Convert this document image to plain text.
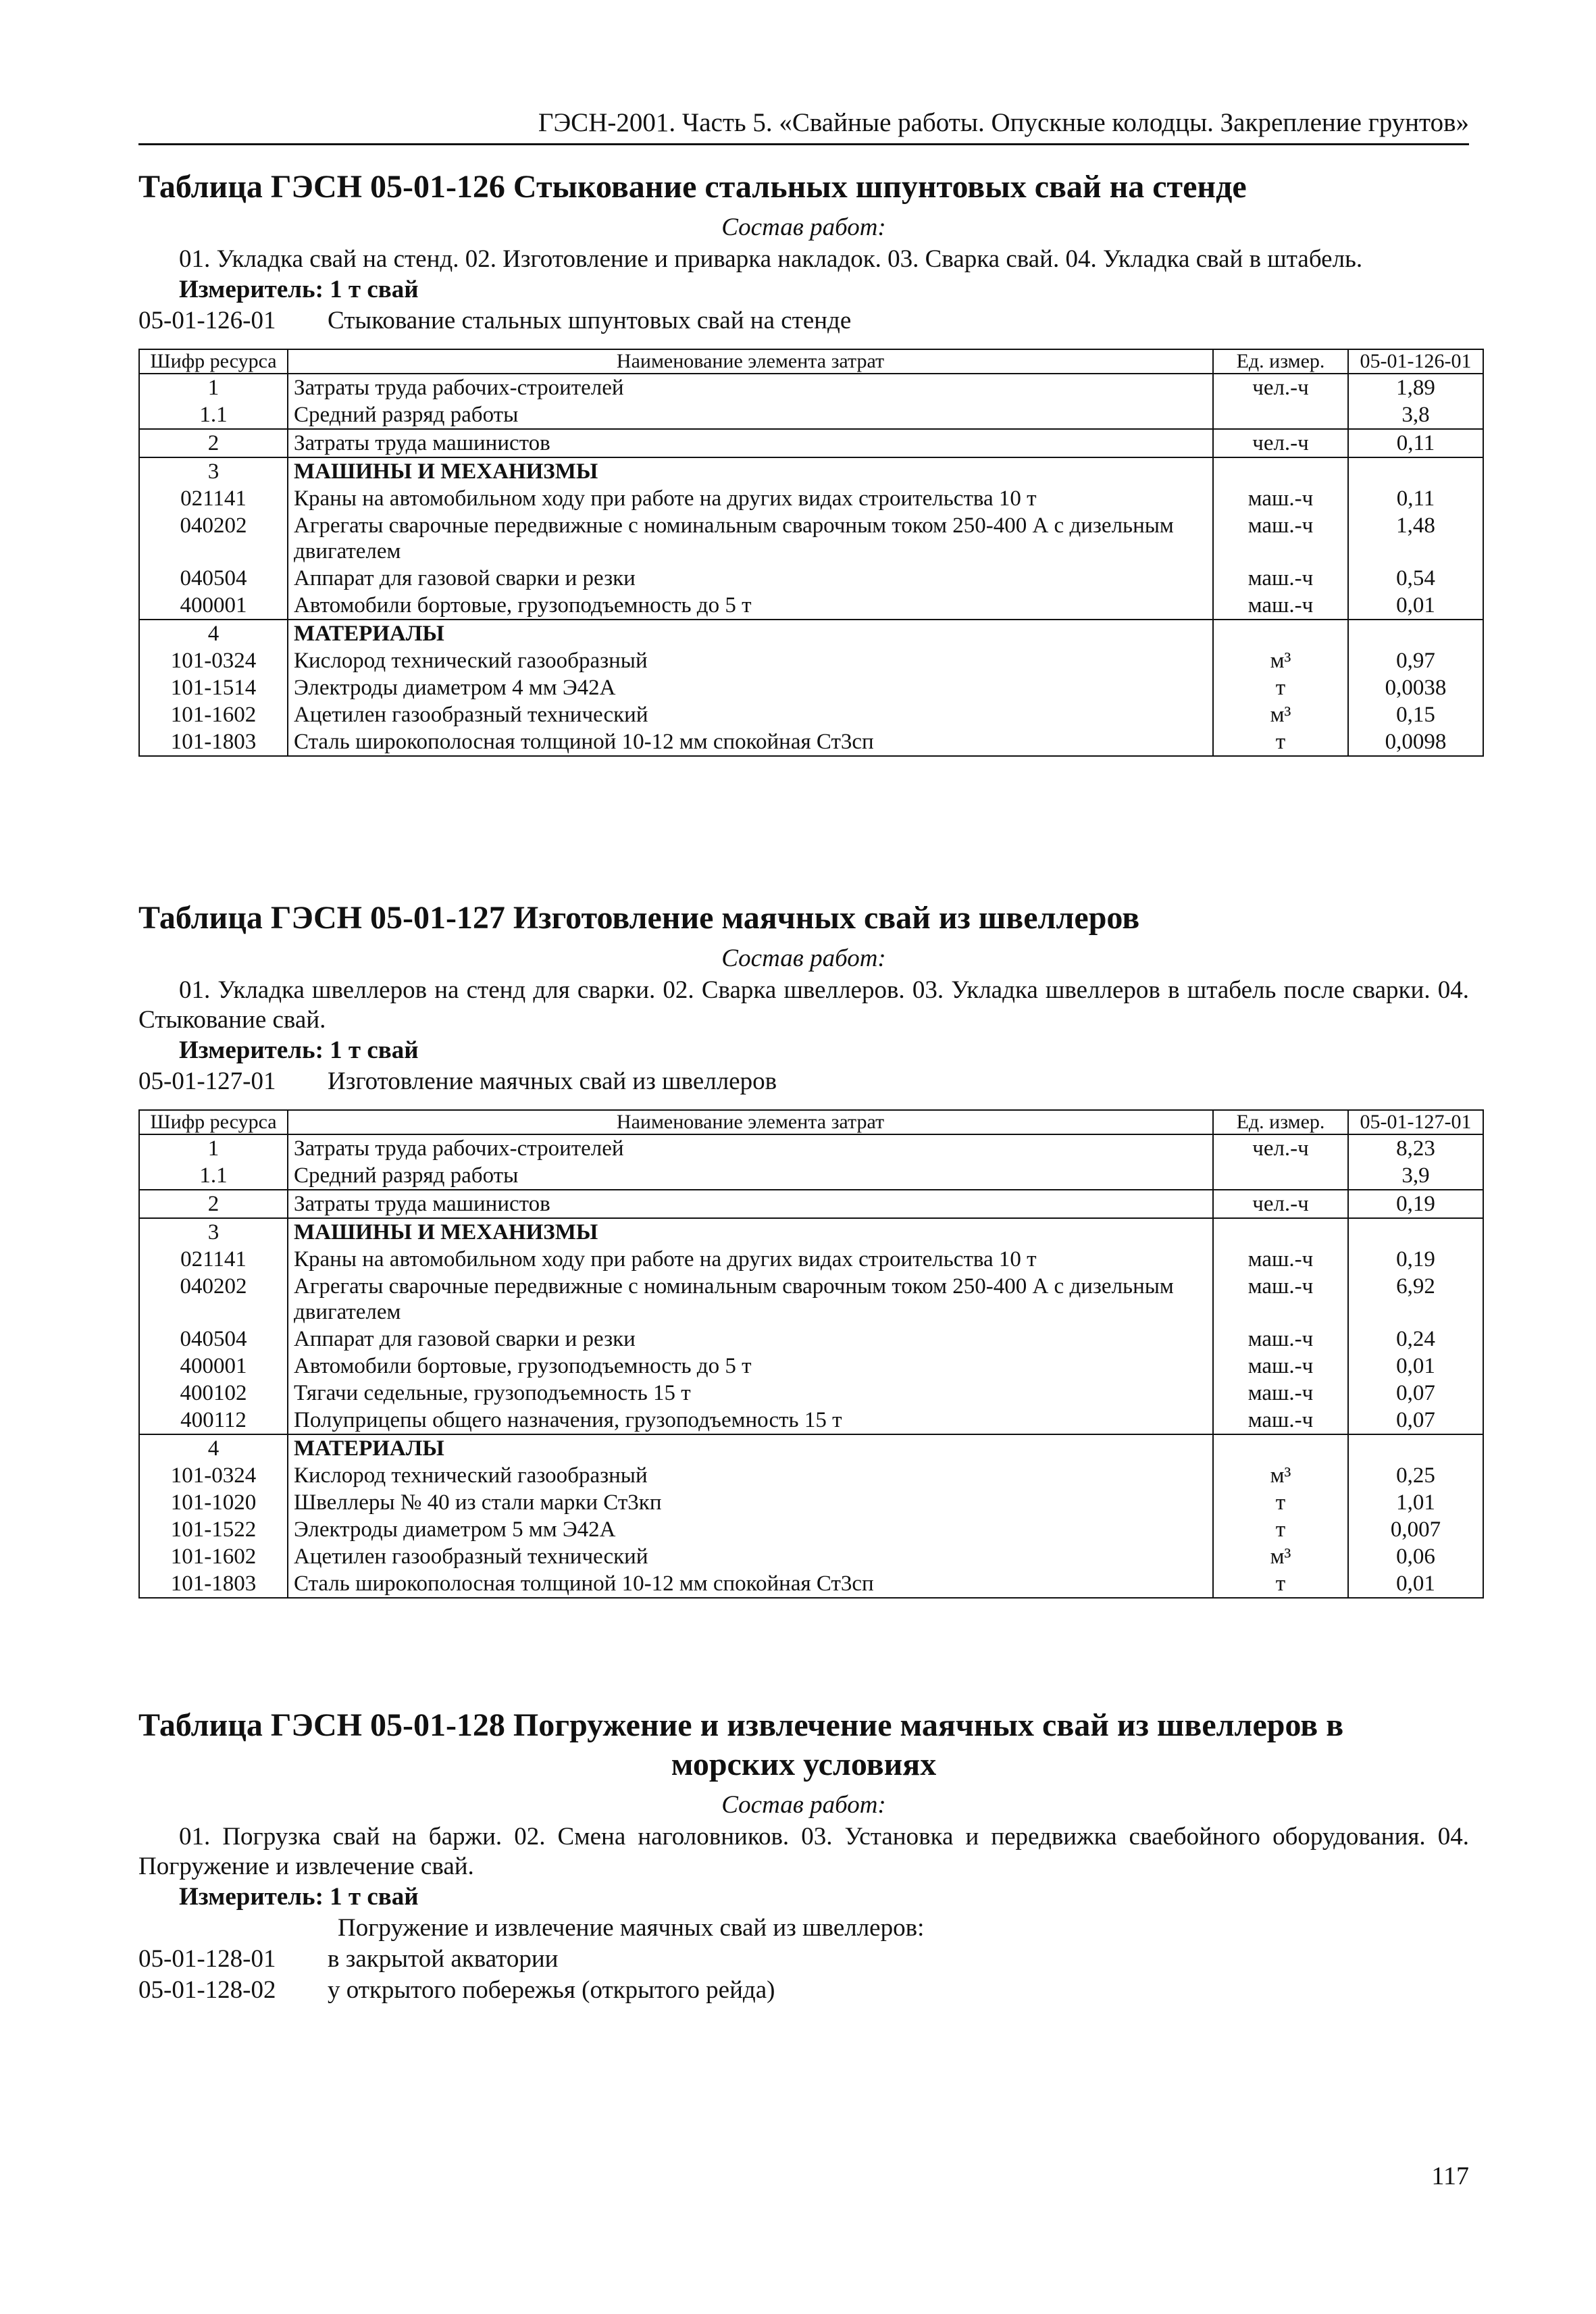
ГЭСН-2001. Часть 5. «Свайные работы. Опускные колодцы. Закрепление грунтов»
Таблица ГЭСН 05-01-126 Стыкование стальных шпунтовых свай на стенде
Состав работ:
01. Укладка свай на стенд. 02. Изготовление и приварка накладок. 03. Сварка свай. 04. Укладка свай в штабель.
Измеритель: 1 т свай
05-01-126-01	Стыкование стальных шпунтовых свай на стенде
Шифр ресурса	Наименование элемента затрат	Ед. измер.	05-01-126-01
1	Затраты труда рабочих-строителей	чел.-ч	1,89
1.1	Средний разряд работы		3,8
2	Затраты труда машинистов	чел.-ч	0,11
3	МАШИНЫ И МЕХАНИЗМЫ		
021141	Краны на автомобильном ходу при работе на других видах строительства 10 т	маш.-ч	0,11
040202	Агрегаты сварочные передвижные с номинальным сварочным током 250-400 А с дизельным двигателем	маш.-ч	1,48
040504	Аппарат для газовой сварки и резки	маш.-ч	0,54
400001	Автомобили бортовые, грузоподъемность до 5 т	маш.-ч	0,01
4	МАТЕРИАЛЫ		
101-0324	Кислород технический газообразный	м³	0,97
101-1514	Электроды диаметром 4 мм Э42А	т	0,0038
101-1602	Ацетилен газообразный технический	м³	0,15
101-1803	Сталь широкополосная толщиной 10-12 мм спокойная Ст3сп	т	0,0098
Таблица ГЭСН 05-01-127 Изготовление маячных свай из швеллеров
Состав работ:
01. Укладка швеллеров на стенд для сварки. 02. Сварка швеллеров. 03. Укладка швеллеров в штабель после сварки. 04. Стыкование свай.
Измеритель: 1 т свай
05-01-127-01	Изготовление маячных свай из швеллеров
Шифр ресурса	Наименование элемента затрат	Ед. измер.	05-01-127-01
1	Затраты труда рабочих-строителей	чел.-ч	8,23
1.1	Средний разряд работы		3,9
2	Затраты труда машинистов	чел.-ч	0,19
3	МАШИНЫ И МЕХАНИЗМЫ		
021141	Краны на автомобильном ходу при работе на других видах строительства 10 т	маш.-ч	0,19
040202	Агрегаты сварочные передвижные с номинальным сварочным током 250-400 А с дизельным двигателем	маш.-ч	6,92
040504	Аппарат для газовой сварки и резки	маш.-ч	0,24
400001	Автомобили бортовые, грузоподъемность до 5 т	маш.-ч	0,01
400102	Тягачи седельные, грузоподъемность 15 т	маш.-ч	0,07
400112	Полуприцепы общего назначения, грузоподъемность 15 т	маш.-ч	0,07
4	МАТЕРИАЛЫ		
101-0324	Кислород технический газообразный	м³	0,25
101-1020	Швеллеры № 40 из стали марки Ст3кп	т	1,01
101-1522	Электроды диаметром 5 мм Э42А	т	0,007
101-1602	Ацетилен газообразный технический	м³	0,06
101-1803	Сталь широкополосная толщиной 10-12 мм спокойная Ст3сп	т	0,01
Таблица ГЭСН 05-01-128 Погружение и извлечение маячных свай из швеллеров в
морских условиях
Состав работ:
01. Погрузка свай на баржи. 02. Смена наголовников. 03. Установка и передвижка сваебойного оборудования. 04. Погружение и извлечение свай.
Измеритель: 1 т свай
Погружение и извлечение маячных свай из швеллеров:
05-01-128-01	в закрытой акватории
05-01-128-02	у открытого побережья (открытого рейда)
117
